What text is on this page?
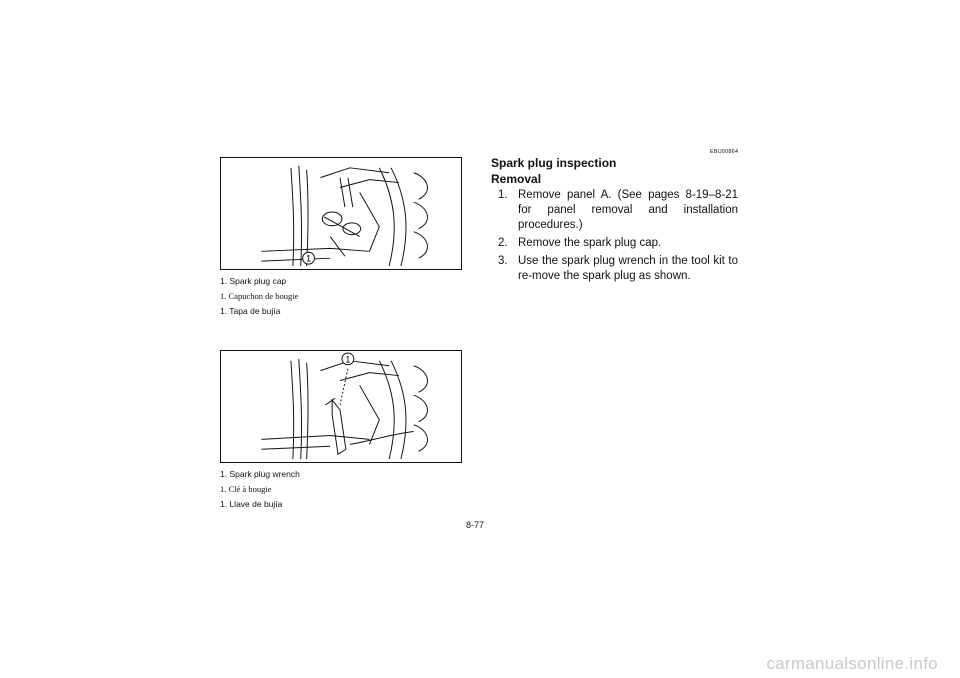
1
1. Spark plug cap
1. Capuchon de bougie
1. Tapa de bujía
1
1. Spark plug wrench
1. Clé à bougie
1. Llave de bujía
EBU00864
Spark plug inspection
Removal
1. Remove panel A. (See pages 8-19–8-21 for panel removal and installation procedures.)
2. Remove the spark plug cap.
3. Use the spark plug wrench in the tool kit to re-move the spark plug as shown.
8-77
carmanualsonline.info
